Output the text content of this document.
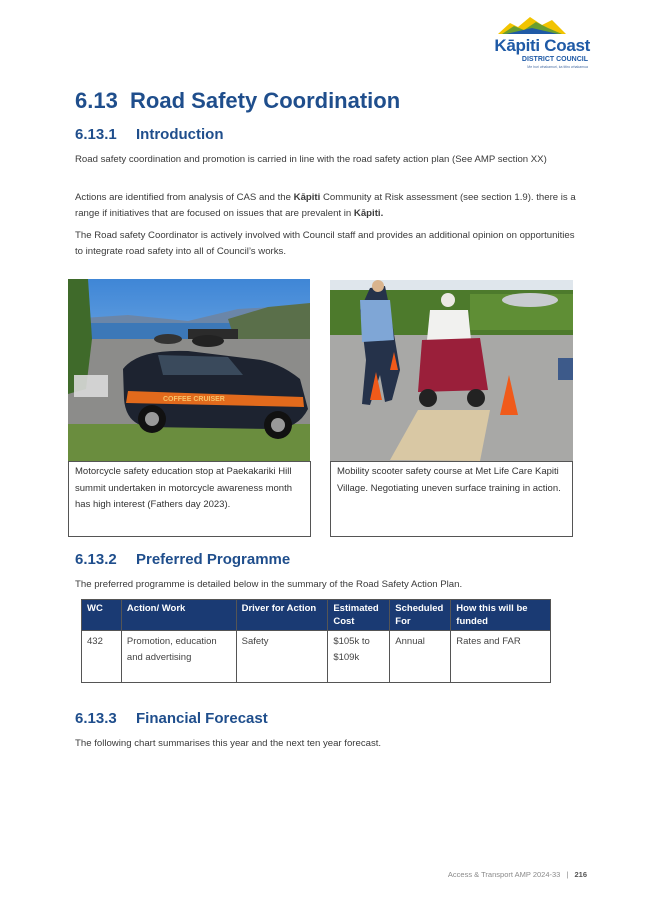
Kāpiti Coast
DISTRICT COUNCIL
Me huri whakamuri, ka titiro whakamua
6.13  Road Safety Coordination
6.13.1 Introduction
Road safety coordination and promotion is carried in line with the road safety action plan (See AMP section XX)
Actions are identified from analysis of CAS and the Kāpiti Community at Risk assessment (see section 1.9). there is a range if initiatives that are focused on issues that are prevalent in Kāpiti.
The Road safety Coordinator is actively involved with Council staff and provides an additional opinion on opportunities to integrate road safety into all of Council’s works.
COFFEE CRUISER
Motorcycle safety education stop at Paekakariki Hill summit undertaken in motorcycle awareness month has high interest (Fathers day 2023).
Mobility scooter safety course at Met Life Care Kapiti Village. Negotiating uneven surface training in action.
6.13.2 Preferred Programme
The preferred programme is detailed below in the summary of the Road Safety Action Plan.
WC	Action/ Work	Driver for Action	Estimated Cost	Scheduled For	How this will be funded
432	Promotion, education and advertising	Safety	$105k to $109k	Annual	Rates and FAR
6.13.3 Financial Forecast
The following chart summarises this year and the next ten year forecast.
Access & Transport AMP 2024-33 | 216
